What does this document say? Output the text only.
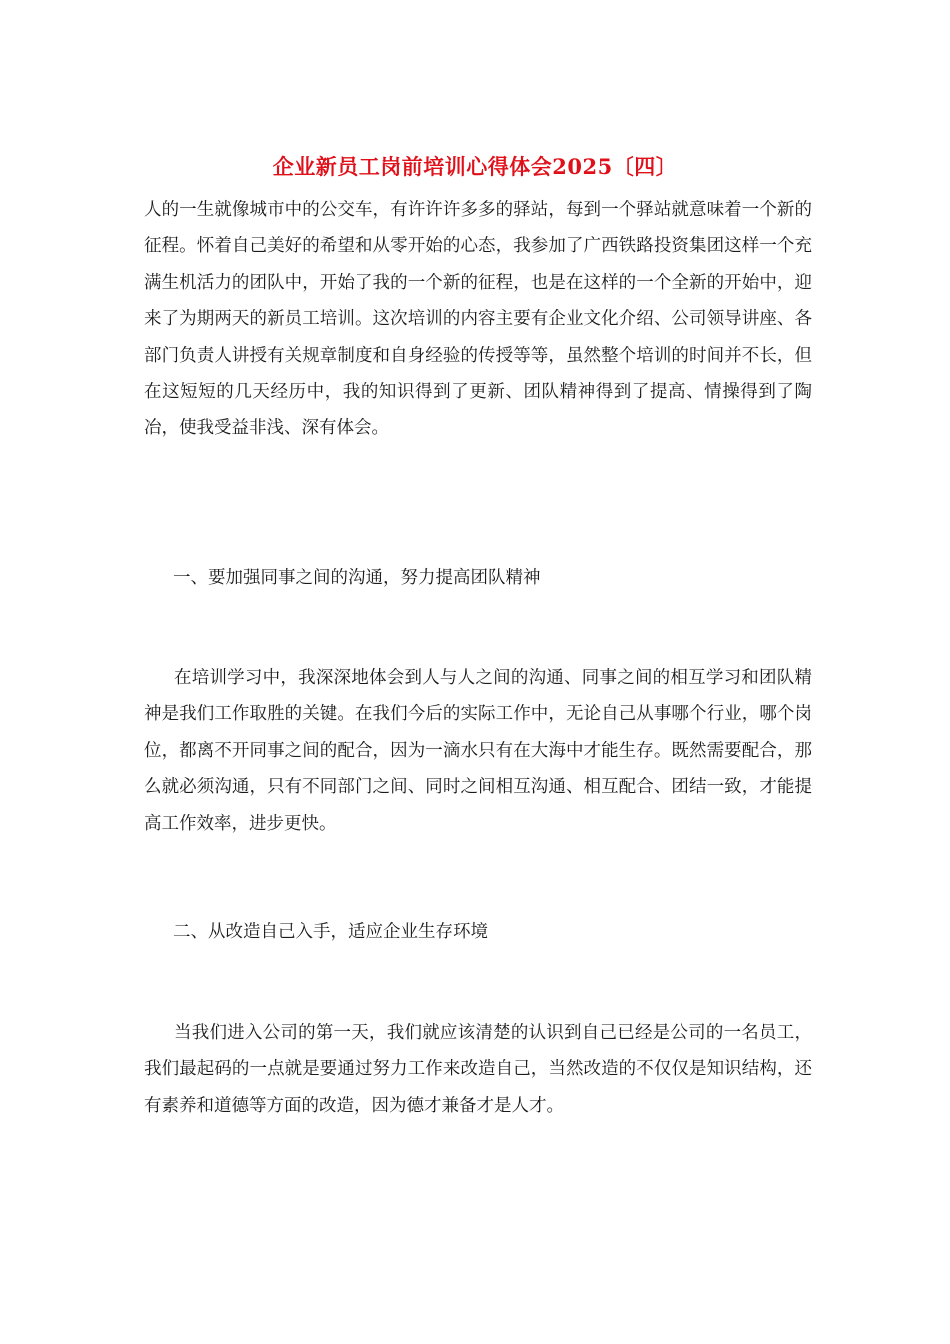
企业新员工岗前培训心得体会2025〔四〕

人的一生就像城市中的公交车，有许许许多多的驿站，每到一个驿站就意味着一个新的征程。怀着自己美好的希望和从零开始的心态，我参加了广西铁路投资集团这样一个充满生机活力的团队中，开始了我的一个新的征程，也是在这样的一个全新的开始中，迎来了为期两天的新员工培训。这次培训的内容主要有企业文化介绍、公司领导讲座、各部门负责人讲授有关规章制度和自身经验的传授等等，虽然整个培训的时间并不长，但在这短短的几天经历中，我的知识得到了更新、团队精神得到了提高、情操得到了陶冶，使我受益非浅、深有体会。

一、要加强同事之间的沟通，努力提高团队精神

在培训学习中，我深深地体会到人与人之间的沟通、同事之间的相互学习和团队精神是我们工作取胜的关键。在我们今后的实际工作中，无论自己从事哪个行业，哪个岗位，都离不开同事之间的配合，因为一滴水只有在大海中才能生存。既然需要配合，那么就必须沟通，只有不同部门之间、同时之间相互沟通、相互配合、团结一致，才能提高工作效率，进步更快。

二、从改造自己入手，适应企业生存环境

当我们进入公司的第一天，我们就应该清楚的认识到自己已经是公司的一名员工，我们最起码的一点就是要通过努力工作来改造自己，当然改造的不仅仅是知识结构，还有素养和道德等方面的改造，因为德才兼备才是人才。
